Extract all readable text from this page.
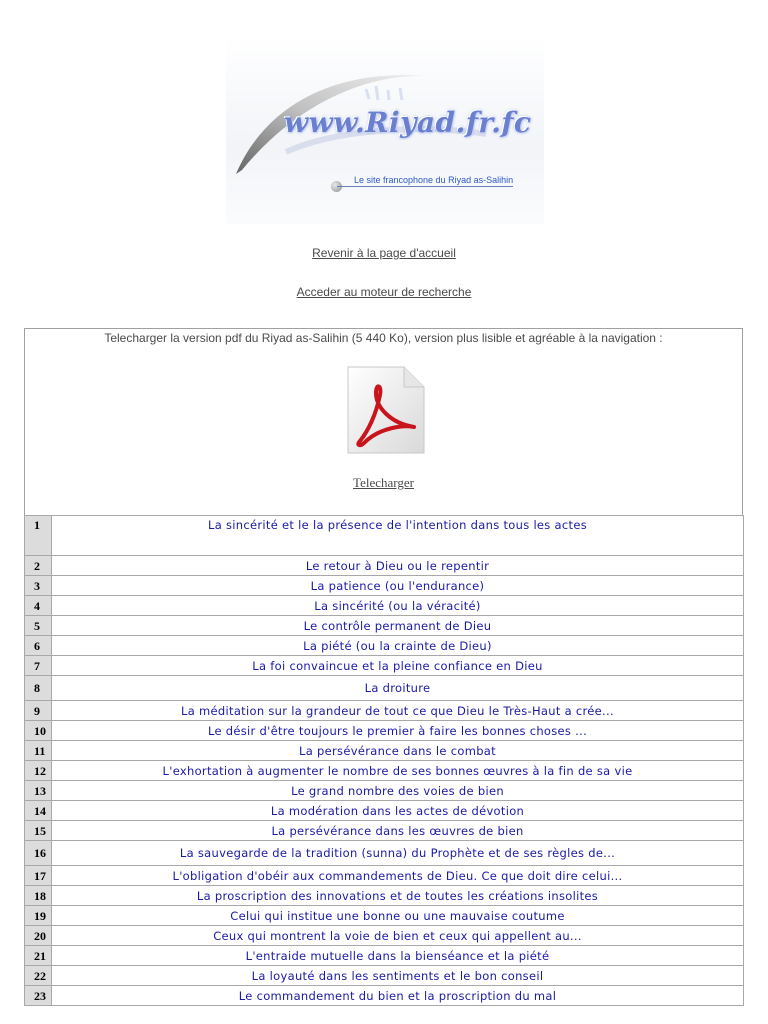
www.Riyad.fr.fc
Le site francophone du Riyad as-Salihin
Revenir à la page d'accueil
Acceder au moteur de recherche
Telecharger la version pdf du Riyad as-Salihin (5 440 Ko), version plus lisible et agréable à la navigation :
Telecharger
1	La sincérité et le la présence de l'intention dans tous les actes
2	Le retour à Dieu ou le repentir
3	La patience (ou l'endurance)
4	La sincérité (ou la véracité)
5	Le contrôle permanent de Dieu
6	La piété (ou la crainte de Dieu)
7	La foi convaincue et la pleine confiance en Dieu
8	La droiture
9	La méditation sur la grandeur de tout ce que Dieu le Très-Haut a crée...
10	Le désir d'être toujours le premier à faire les bonnes choses ...
11	La persévérance dans le combat
12	L'exhortation à augmenter le nombre de ses bonnes œuvres à la fin de sa vie
13	Le grand nombre des voies de bien
14	La modération dans les actes de dévotion
15	La persévérance dans les œuvres de bien
16	La sauvegarde de la tradition (sunna) du Prophète et de ses règles de...
17	L'obligation d'obéir aux commandements de Dieu. Ce que doit dire celui...
18	La proscription des innovations et de toutes les créations insolites
19	Celui qui institue une bonne ou une mauvaise coutume
20	Ceux qui montrent la voie de bien et ceux qui appellent au...
21	L'entraide mutuelle dans la bienséance et la piété
22	La loyauté dans les sentiments et le bon conseil
23	Le commandement du bien et la proscription du mal
